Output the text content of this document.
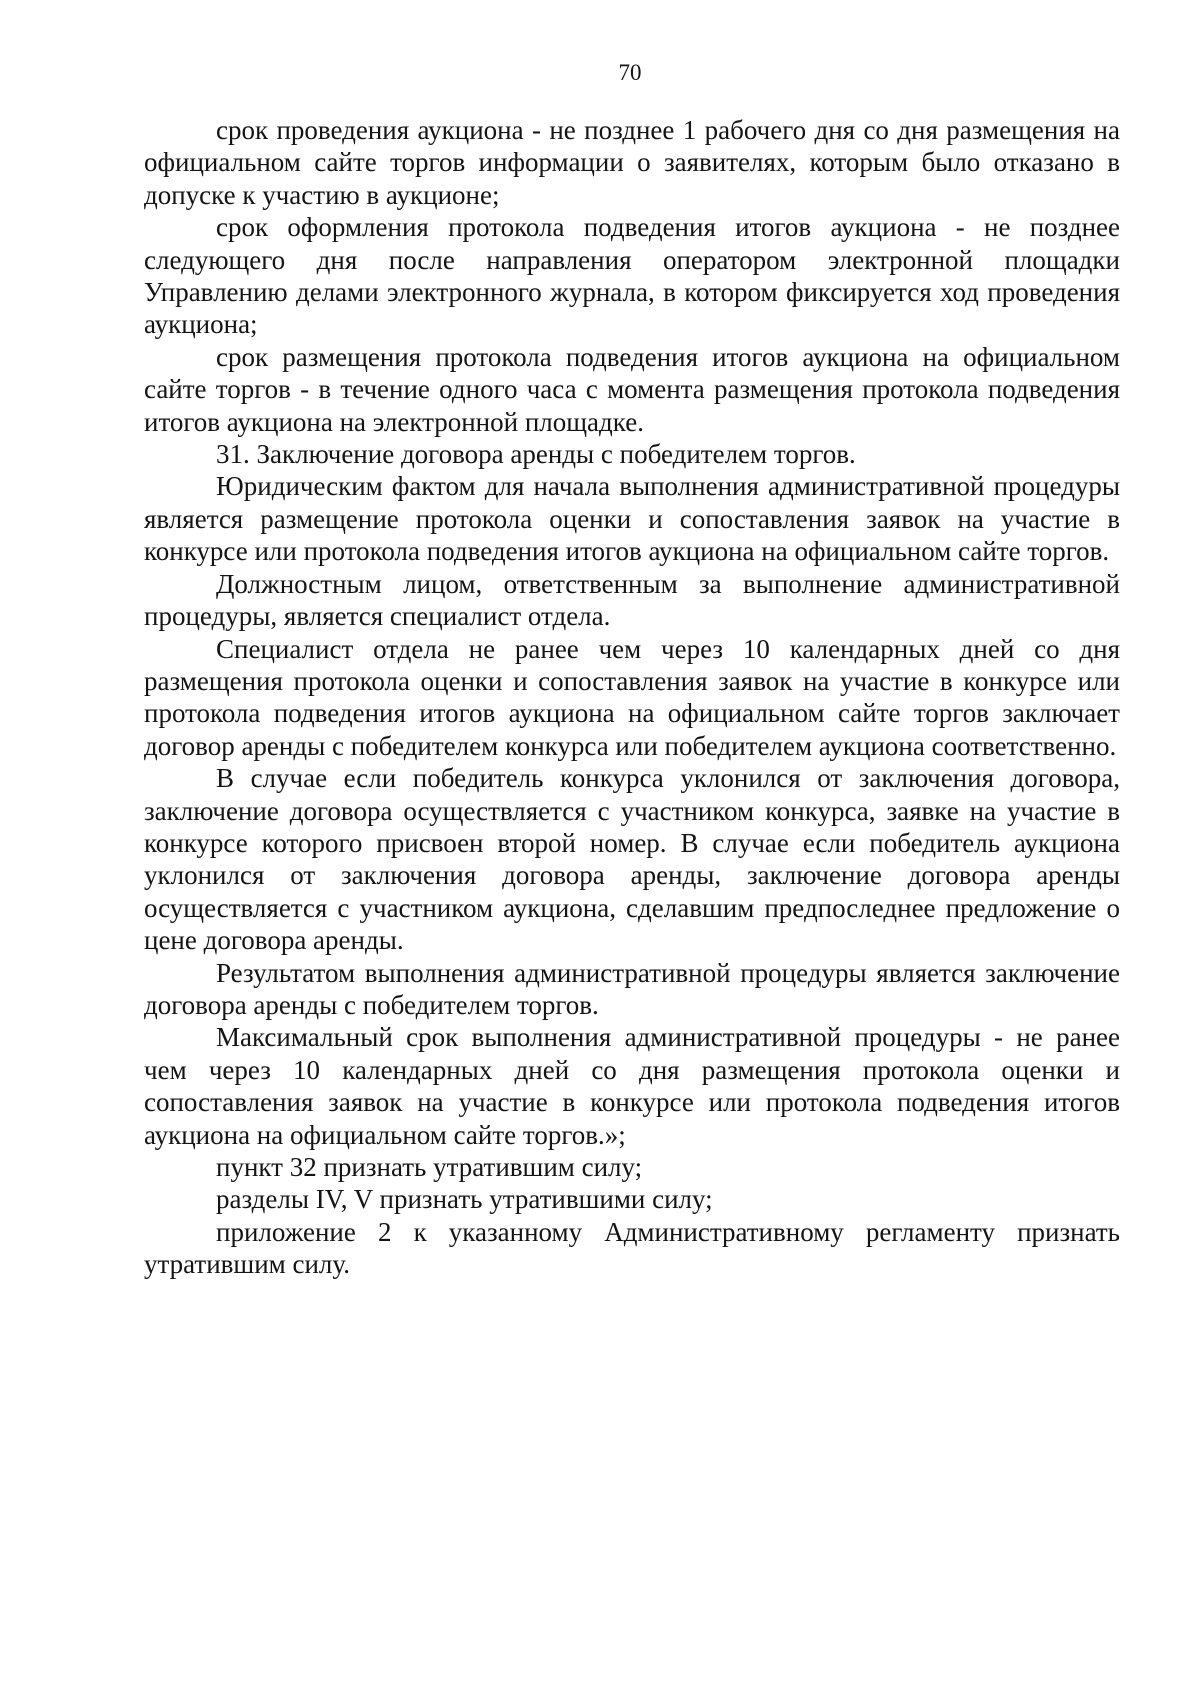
70

срок проведения аукциона - не позднее 1 рабочего дня со дня размещения на официальном сайте торгов информации о заявителях, которым было отказано в допуске к участию в аукционе;

срок оформления протокола подведения итогов аукциона - не позднее следующего дня после направления оператором электронной площадки Управлению делами электронного журнала, в котором фиксируется ход проведения аукциона;

срок размещения протокола подведения итогов аукциона на официальном сайте торгов - в течение одного часа с момента размещения протокола подведения итогов аукциона на электронной площадке.

31. Заключение договора аренды с победителем торгов.

Юридическим фактом для начала выполнения административной процедуры является размещение протокола оценки и сопоставления заявок на участие в конкурсе или протокола подведения итогов аукциона на официальном сайте торгов.

Должностным лицом, ответственным за выполнение административной процедуры, является специалист отдела.

Специалист отдела не ранее чем через 10 календарных дней со дня размещения протокола оценки и сопоставления заявок на участие в конкурсе или протокола подведения итогов аукциона на официальном сайте торгов заключает договор аренды с победителем конкурса или победителем аукциона соответственно.

В случае если победитель конкурса уклонился от заключения договора, заключение договора осуществляется с участником конкурса, заявке на участие в конкурсе которого присвоен второй номер. В случае если победитель аукциона уклонился от заключения договора аренды, заключение договора аренды осуществляется с участником аукциона, сделавшим предпоследнее предложение о цене договора аренды.

Результатом выполнения административной процедуры является заключение договора аренды с победителем торгов.

Максимальный срок выполнения административной процедуры - не ранее чем через 10 календарных дней со дня размещения протокола оценки и сопоставления заявок на участие в конкурсе или протокола подведения итогов аукциона на официальном сайте торгов.»;

пункт 32 признать утратившим силу;

разделы IV, V признать утратившими силу;

приложение 2 к указанному Административному регламенту признать утратившим силу.
